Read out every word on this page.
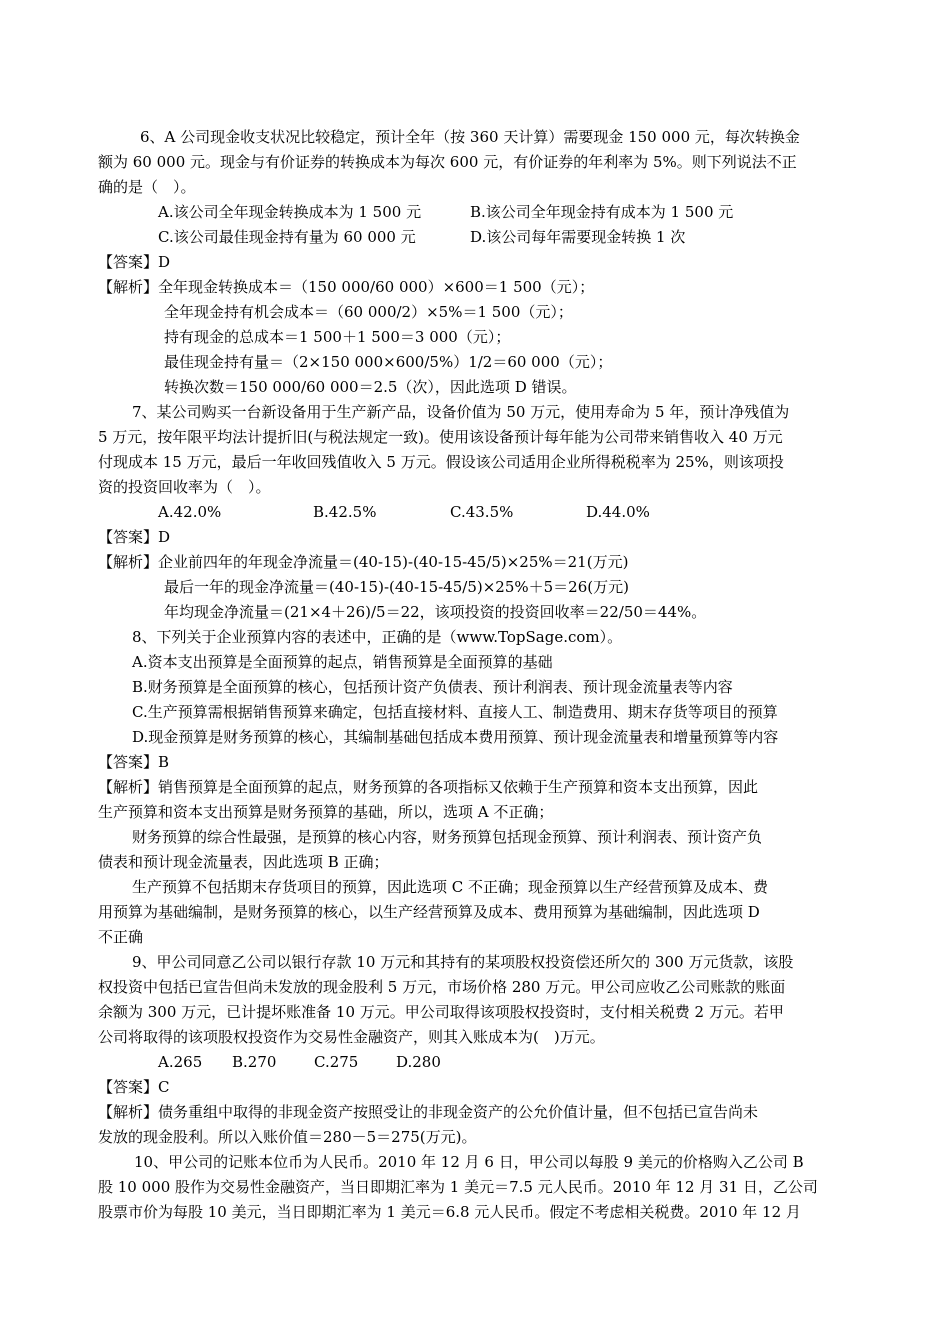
6、A 公司现金收支状况比较稳定，预计全年（按 360 天计算）需要现金 150 000 元，每次转换金
额为 60 000 元。现金与有价证券的转换成本为每次 600 元，有价证券的年利率为 5%。则下列说法不正
确的是（　）。
A.该公司全年现金转换成本为 1 500 元	B.该公司全年现金持有成本为 1 500 元
C.该公司最佳现金持有量为 60 000 元	D.该公司每年需要现金转换 1 次
【答案】D
【解析】全年现金转换成本＝（150 000/60 000）×600＝1 500（元）；
全年现金持有机会成本＝（60 000/2）×5%＝1 500（元）；
持有现金的总成本＝1 500＋1 500＝3 000（元）；
最佳现金持有量＝（2×150 000×600/5%）1/2＝60 000（元）；
转换次数＝150 000/60 000＝2.5（次），因此选项 D 错误。
7、某公司购买一台新设备用于生产新产品，设备价值为 50 万元，使用寿命为 5 年，预计净残值为
5 万元，按年限平均法计提折旧(与税法规定一致)。使用该设备预计每年能为公司带来销售收入 40 万元
付现成本 15 万元，最后一年收回残值收入 5 万元。假设该公司适用企业所得税税率为 25%，则该项投
资的投资回收率为（　）。
A.42.0%	B.42.5%	C.43.5%	D.44.0%
【答案】D
【解析】企业前四年的年现金净流量＝(40-15)-(40-15-45/5)×25%＝21(万元)
最后一年的现金净流量＝(40-15)-(40-15-45/5)×25%＋5＝26(万元)
年均现金净流量＝(21×4＋26)/5＝22，该项投资的投资回收率＝22/50＝44%。
8、下列关于企业预算内容的表述中，正确的是（www.TopSage.com）。
A.资本支出预算是全面预算的起点，销售预算是全面预算的基础
B.财务预算是全面预算的核心，包括预计资产负债表、预计利润表、预计现金流量表等内容
C.生产预算需根据销售预算来确定，包括直接材料、直接人工、制造费用、期末存货等项目的预算
D.现金预算是财务预算的核心，其编制基础包括成本费用预算、预计现金流量表和增量预算等内容
【答案】B
【解析】销售预算是全面预算的起点，财务预算的各项指标又依赖于生产预算和资本支出预算，因此
生产预算和资本支出预算是财务预算的基础，所以，选项 A 不正确；
财务预算的综合性最强，是预算的核心内容，财务预算包括现金预算、预计利润表、预计资产负
债表和预计现金流量表，因此选项 B 正确；
生产预算不包括期末存货项目的预算，因此选项 C 不正确；现金预算以生产经营预算及成本、费
用预算为基础编制，是财务预算的核心，以生产经营预算及成本、费用预算为基础编制，因此选项 D
不正确
9、甲公司同意乙公司以银行存款 10 万元和其持有的某项股权投资偿还所欠的 300 万元货款，该股
权投资中包括已宣告但尚未发放的现金股利 5 万元，市场价格 280 万元。甲公司应收乙公司账款的账面
余额为 300 万元，已计提坏账准备 10 万元。甲公司取得该项股权投资时，支付相关税费 2 万元。若甲
公司将取得的该项股权投资作为交易性金融资产，则其入账成本为(　)万元。
A.265 B.270	C.275	D.280
【答案】C
【解析】债务重组中取得的非现金资产按照受让的非现金资产的公允价值计量，但不包括已宣告尚未
发放的现金股利。所以入账价值＝280－5＝275(万元)。
10、甲公司的记账本位币为人民币。2010 年 12 月 6 日，甲公司以每股 9 美元的价格购入乙公司 B
股 10 000 股作为交易性金融资产，当日即期汇率为 1 美元＝7.5 元人民币。2010 年 12 月 31 日，乙公司
股票市价为每股 10 美元，当日即期汇率为 1 美元＝6.8 元人民币。假定不考虑相关税费。2010 年 12 月
